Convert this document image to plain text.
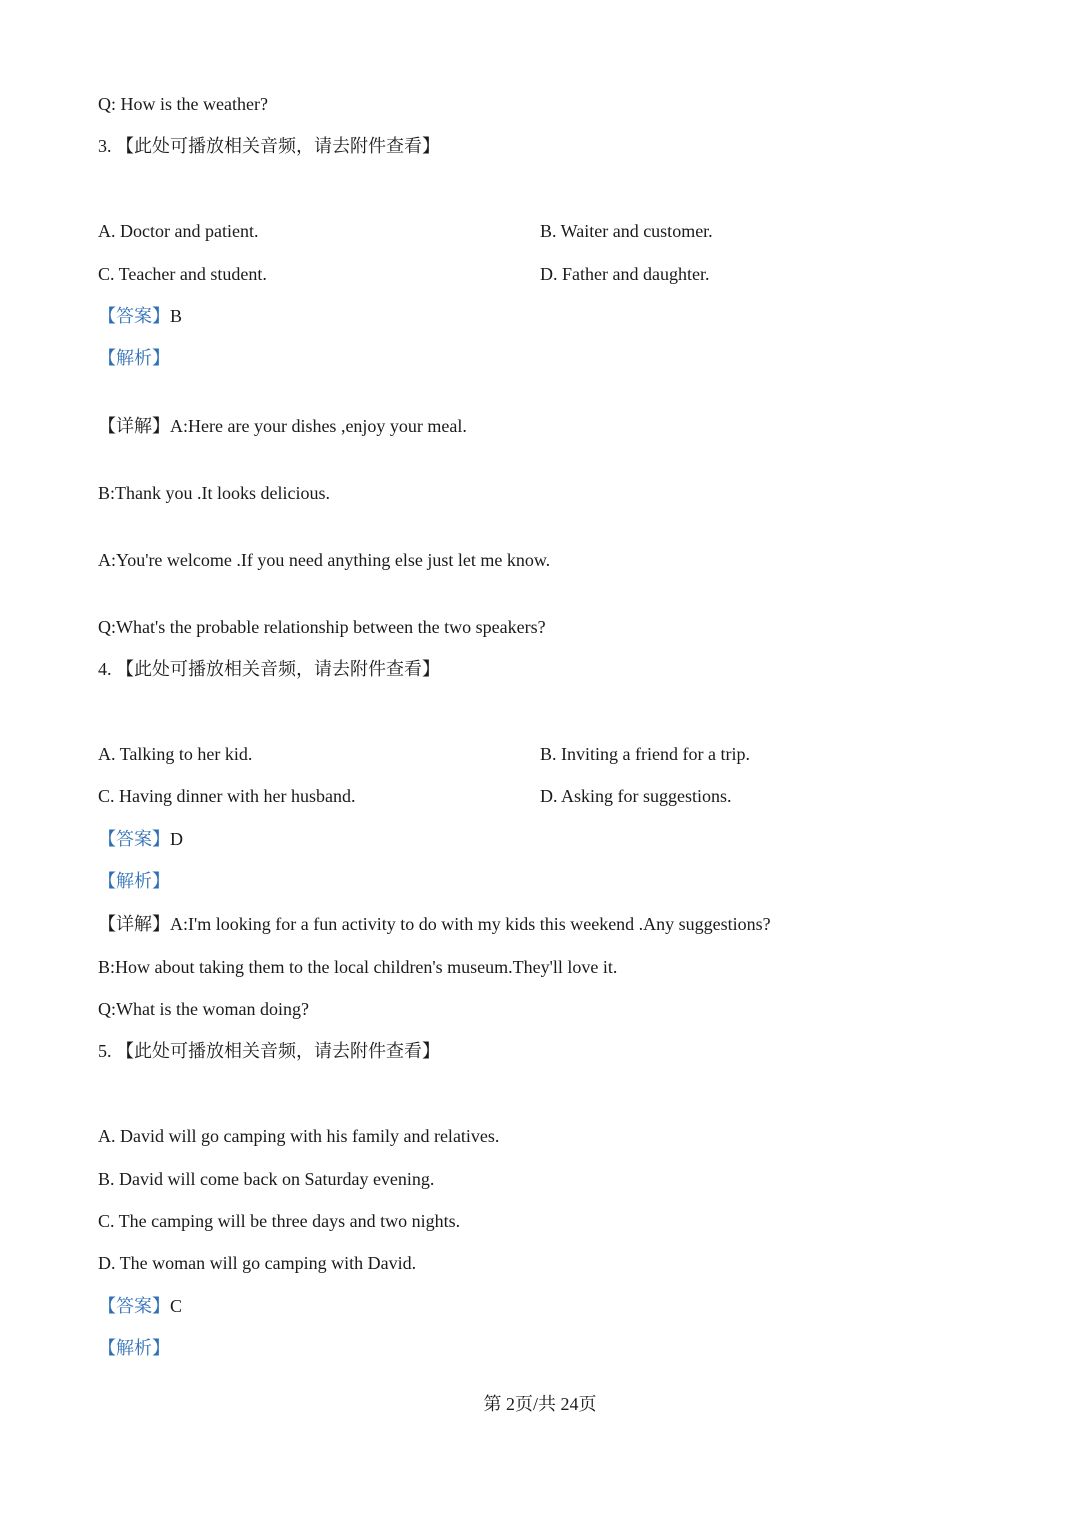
Q: How is the weather?
3. 【此处可播放相关音频，请去附件查看】
A. Doctor and patient.	B. Waiter and customer.
C. Teacher and student.	D. Father and daughter.
【答案】B
【解析】
【详解】A:Here are your dishes ,enjoy your meal.
B:Thank you .It looks delicious.
A:You're welcome .If you need anything else just let me know.
Q:What's the probable relationship between the two speakers?
4. 【此处可播放相关音频，请去附件查看】
A. Talking to her kid.	B. Inviting a friend for a trip.
C. Having dinner with her husband.	D. Asking for suggestions.
【答案】D
【解析】
【详解】A:I'm looking for a fun activity to do with my kids this weekend .Any suggestions?
B:How about taking them to the local children's museum.They'll love it.
Q:What is the woman doing?
5. 【此处可播放相关音频，请去附件查看】
A. David will go camping with his family and relatives.
B. David will come back on Saturday evening.
C. The camping will be three days and two nights.
D. The woman will go camping with David.
【答案】C
【解析】
第 2页/共 24页
